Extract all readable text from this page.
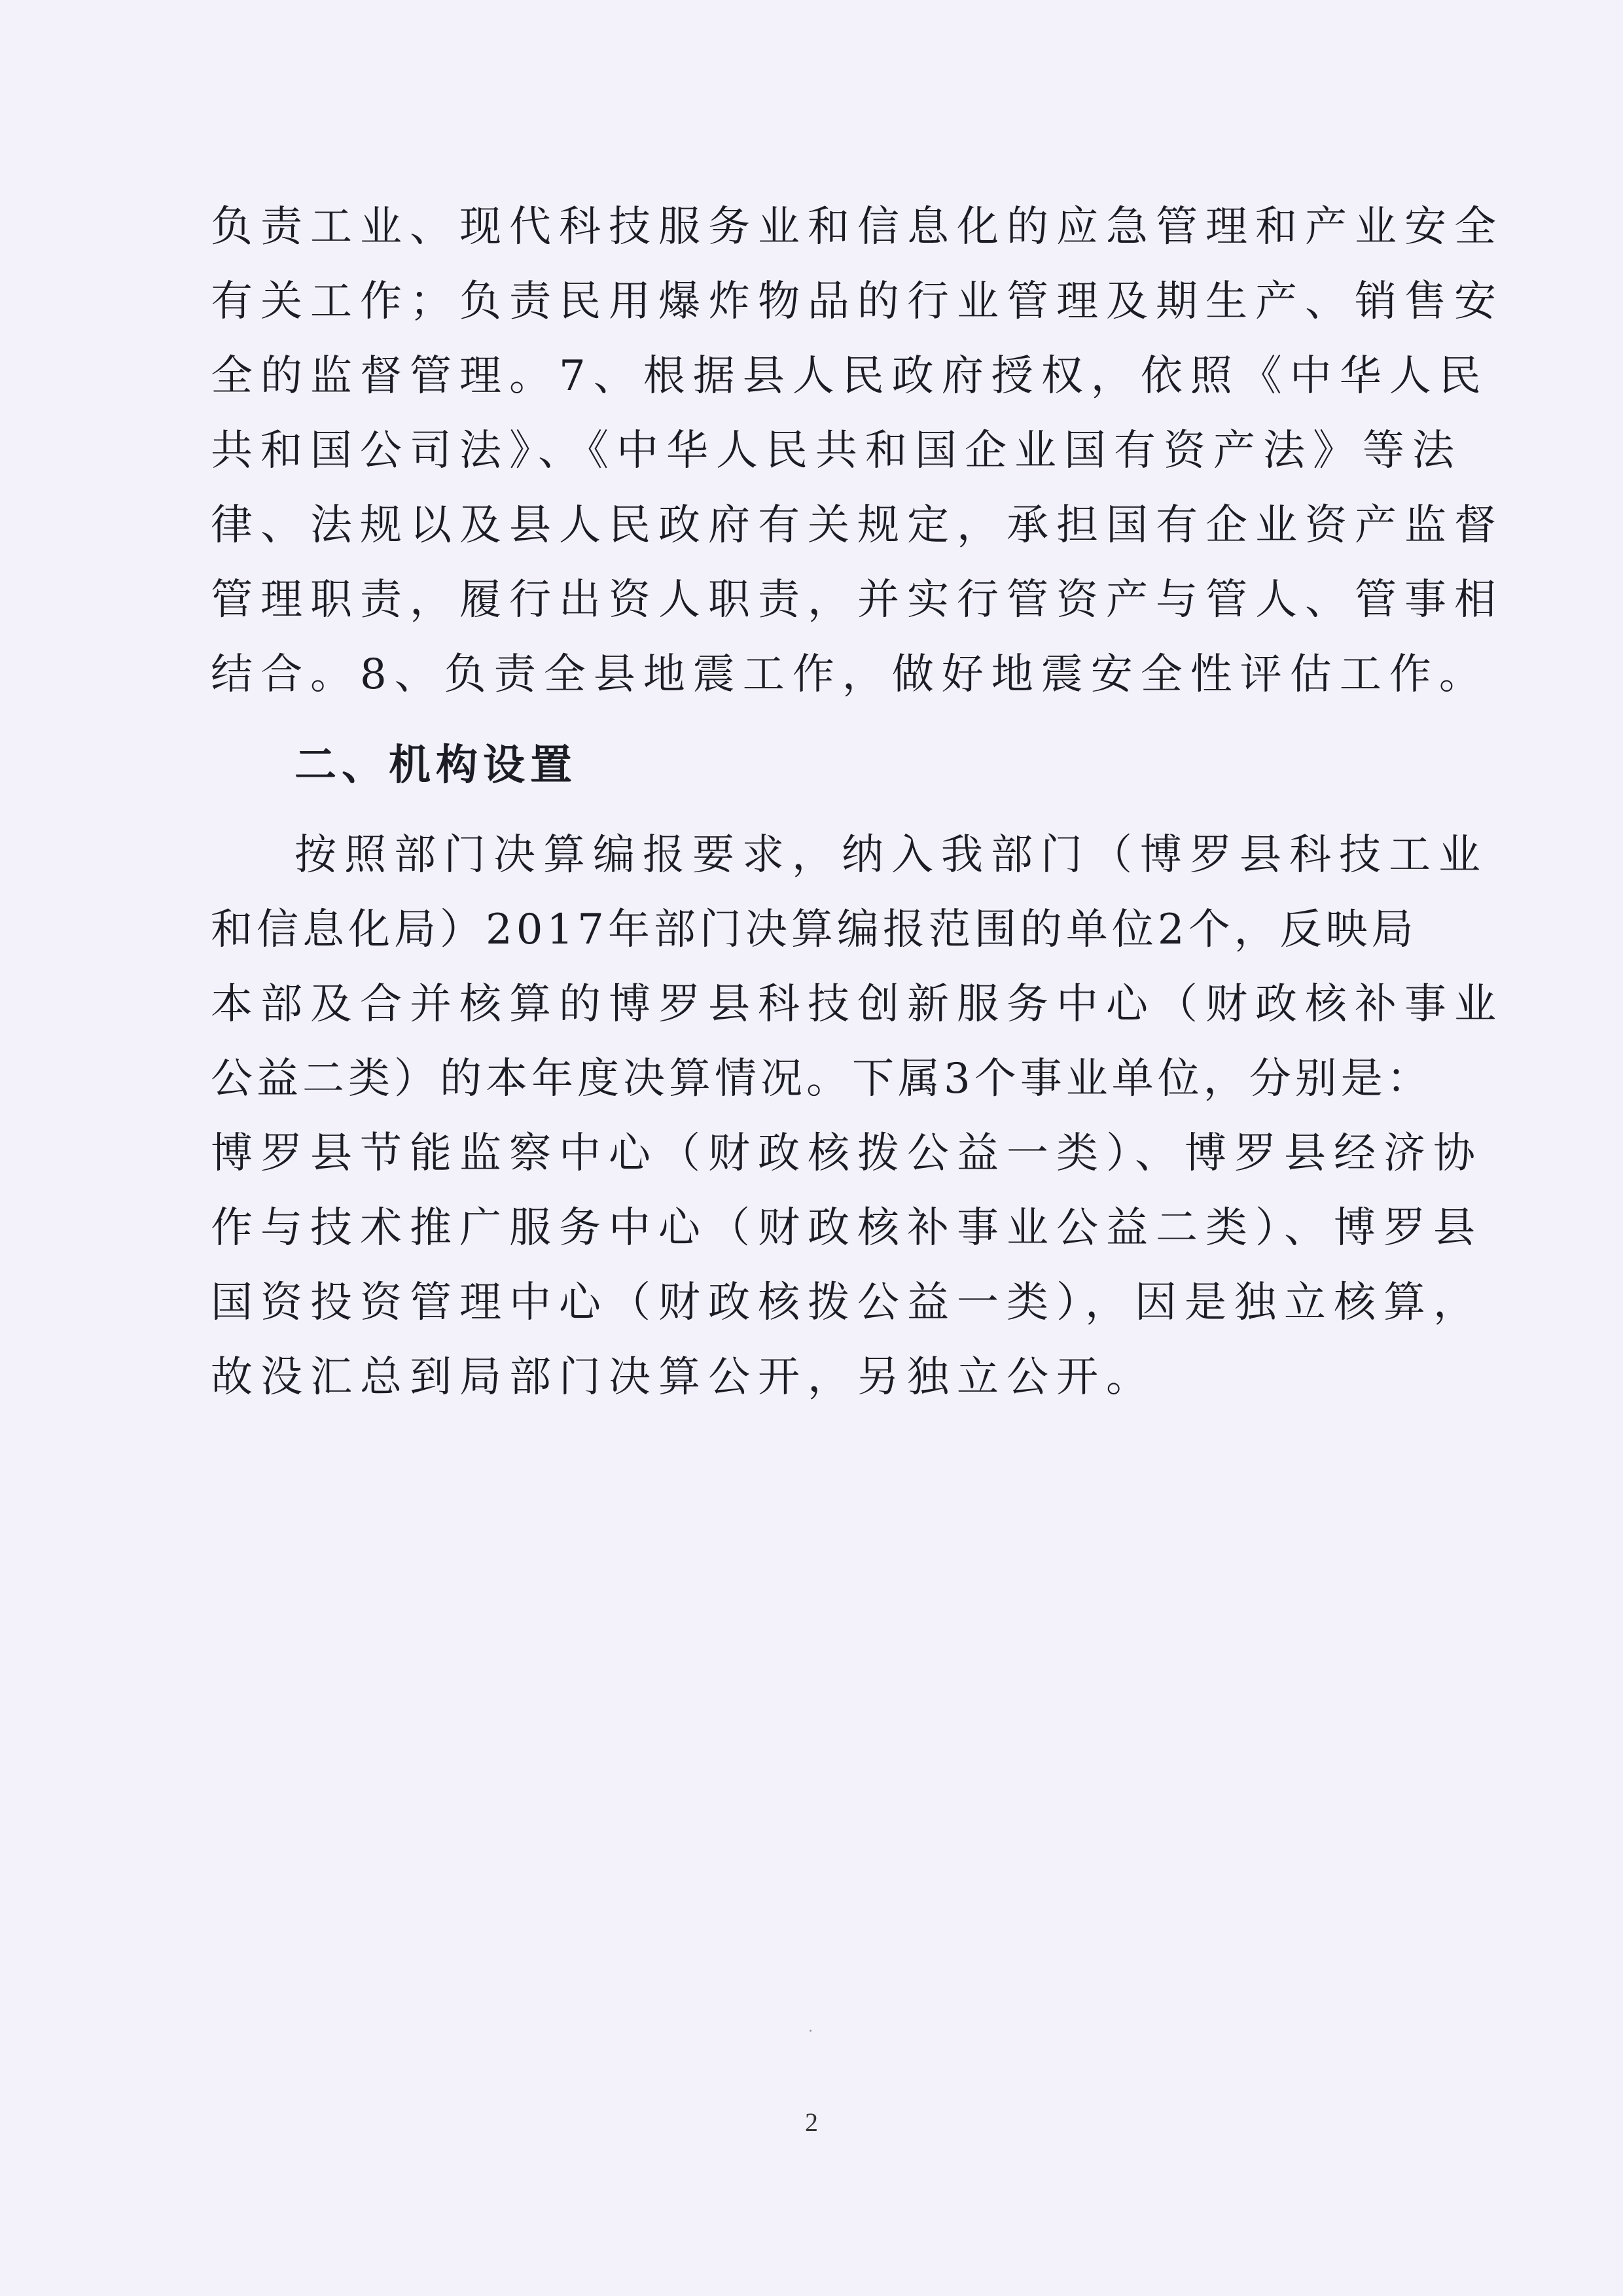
负责工业、现代科技服务业和信息化的应急管理和产业安全
有关工作；负责民用爆炸物品的行业管理及期生产、销售安
全的监督管理。7、根据县人民政府授权，依照《中华人民
共和国公司法》、《中华人民共和国企业国有资产法》等法
律、法规以及县人民政府有关规定，承担国有企业资产监督
管理职责，履行出资人职责，并实行管资产与管人、管事相
结合。8、负责全县地震工作，做好地震安全性评估工作。
二、机构设置
按照部门决算编报要求，纳入我部门（博罗县科技工业
和信息化局）2017年部门决算编报范围的单位2个，反映局
本部及合并核算的博罗县科技创新服务中心（财政核补事业
公益二类）的本年度决算情况。下属3个事业单位，分别是：
博罗县节能监察中心（财政核拨公益一类）、博罗县经济协
作与技术推广服务中心（财政核补事业公益二类）、博罗县
国资投资管理中心（财政核拨公益一类），因是独立核算，
故没汇总到局部门决算公开，另独立公开。
2
